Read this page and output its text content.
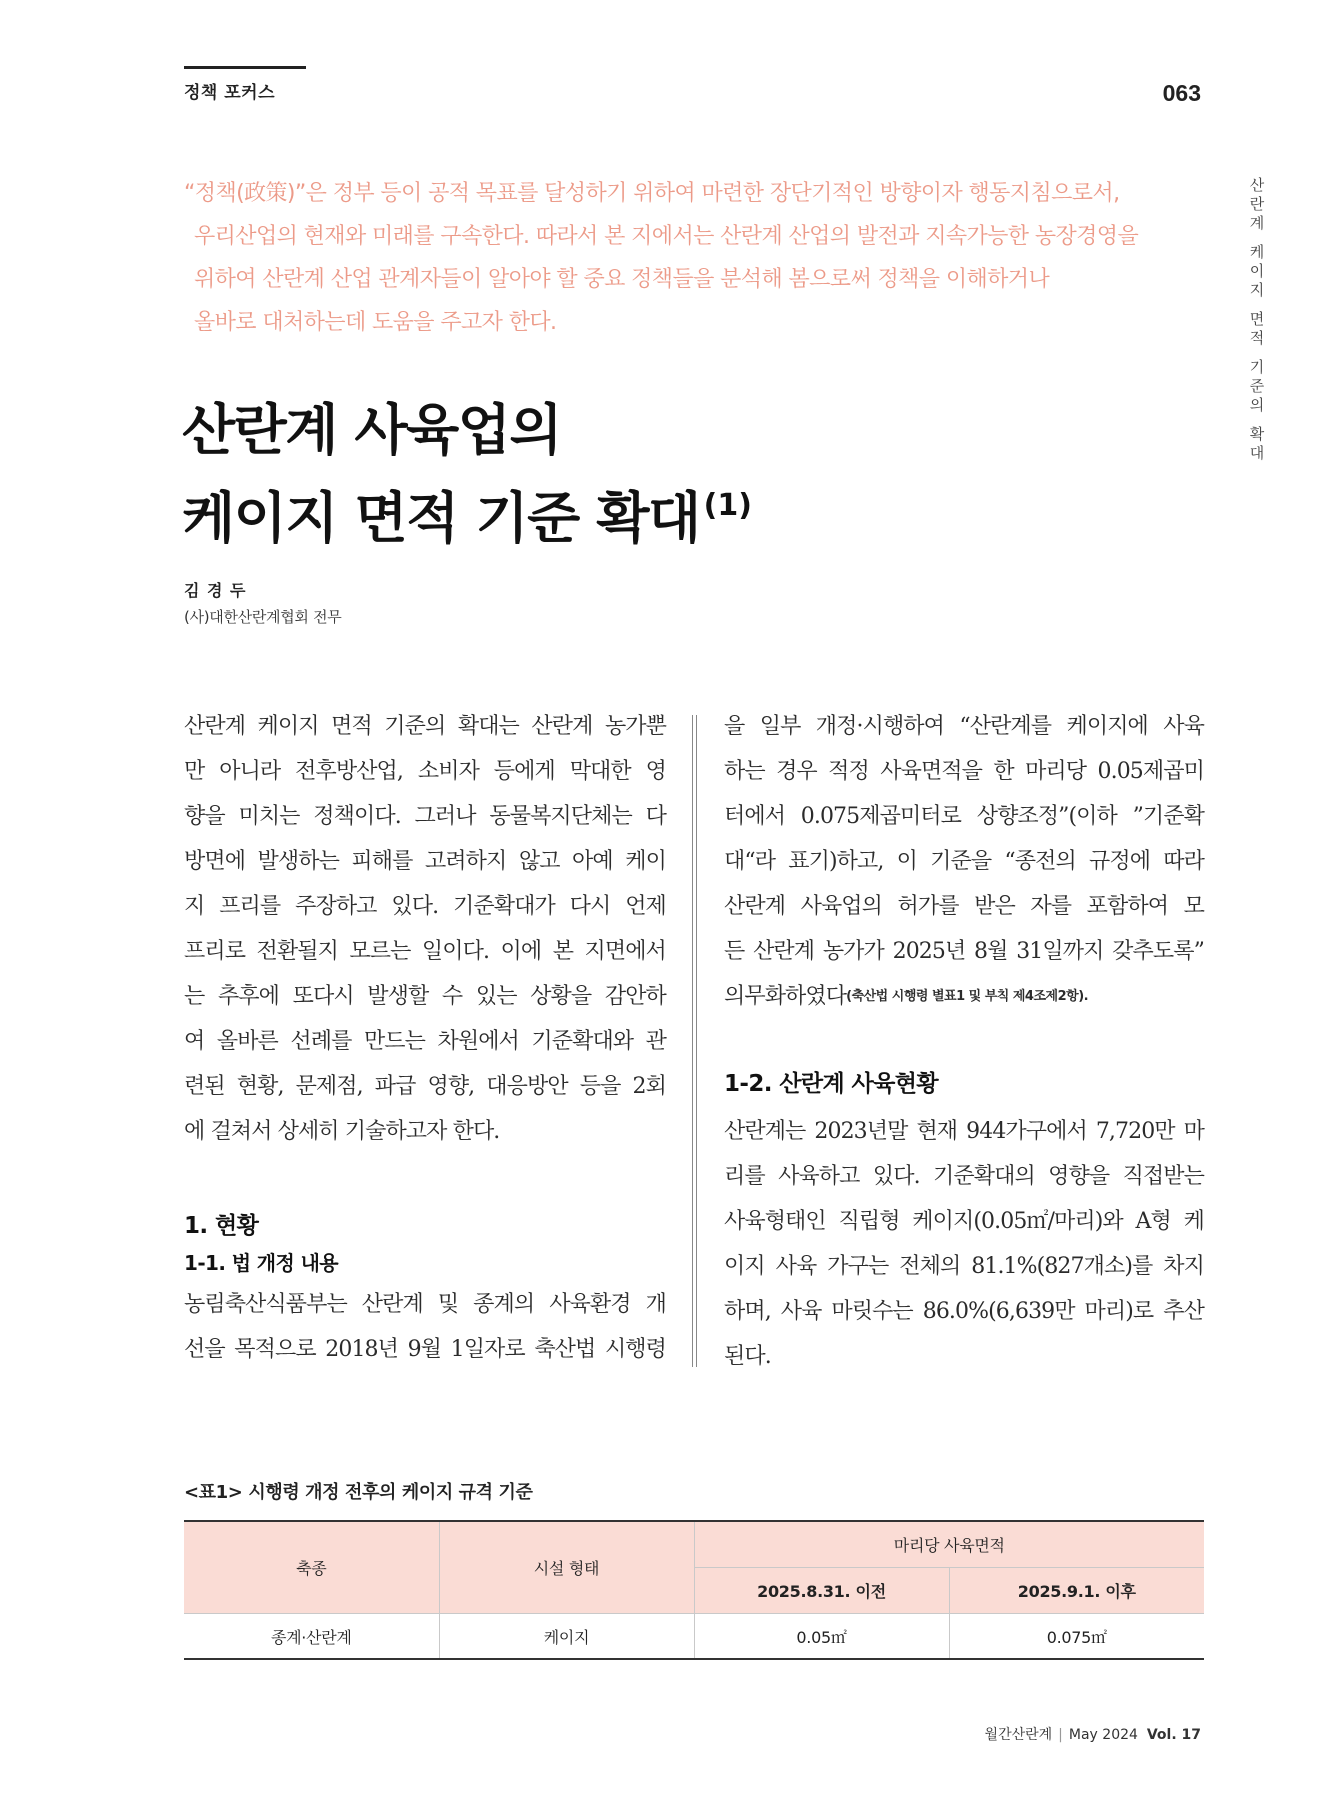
정책 포커스	063
“정책(政策)”은 정부 등이 공적 목표를 달성하기 위하여 마련한 장단기적인 방향이자 행동지침으로서,
우리산업의 현재와 미래를 구속한다. 따라서 본 지에서는 산란계 산업의 발전과 지속가능한 농장경영을
위하여 산란계 산업 관계자들이 알아야 할 중요 정책들을 분석해 봄으로써 정책을 이해하거나
올바로 대처하는데 도움을 주고자 한다.
산
란
계
케
이
지
면
적
기
준
의
확
대
산란계 사육업의
케이지 면적 기준 확대 $^{(1)}$
김 경 두
(사)대한산란계협회 전무
산란계 케이지 면적 기준의 확대는 산란계 농가뿐
만 아니라 전후방산업, 소비자 등에게 막대한 영
향을 미치는 정책이다. 그러나 동물복지단체는 다
방면에 발생하는 피해를 고려하지 않고 아예 케이
지 프리를 주장하고 있다. 기준확대가 다시 언제
프리로 전환될지 모르는 일이다. 이에 본 지면에서
는 추후에 또다시 발생할 수 있는 상황을 감안하
여 올바른 선례를 만드는 차원에서 기준확대와 관
련된 현황, 문제점, 파급 영향, 대응방안 등을 2회
에 걸쳐서 상세히 기술하고자 한다.
1. 현황
1-1. 법 개정 내용
농림축산식품부는 산란계 및 종계의 사육환경 개
선을 목적으로 2018년 9월 1일자로 축산법 시행령
을 일부 개정·시행하여 “산란계를 케이지에 사육
하는 경우 적정 사육면적을 한 마리당 0.05제곱미
터에서 0.075제곱미터로 상향조정”(이하 ”기준확
대“라 표기)하고, 이 기준을 “종전의 규정에 따라
산란계 사육업의 허가를 받은 자를 포함하여 모
든 산란계 농가가 2025년 8월 31일까지 갖추도록”
의무화하였다 (축산법 시행령 별표1 및 부칙 제4조제2항).
1-2. 산란계 사육현황
산란계는 2023년말 현재 944가구에서 7,720만 마
리를 사육하고 있다. 기준확대의 영향을 직접받는
사육형태인 직립형 케이지(0.05㎡/마리)와 A형 케
이지 사육 가구는 전체의 81.1%(827개소)를 차지
하며, 사육 마릿수는 86.0%(6,639만 마리)로 추산
된다.
<표1> 시행령 개정 전후의 케이지 규격 기준
축종	시설 형태	마리당 사육면적	
		2025.8.31. 이전	2025.9.1. 이후
종계·산란계	케이지	0.05㎡	0.075㎡
월간산란계 | May 2024 Vol. 17
